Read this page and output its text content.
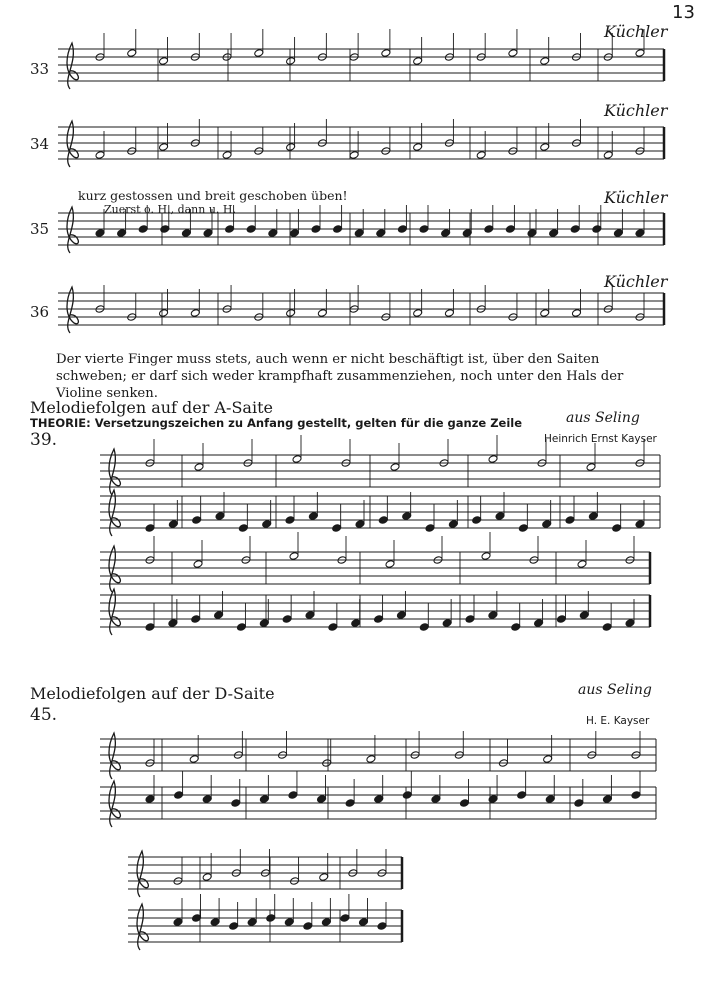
13
33
Küchler
34
Küchler
kurz gestossen und breit geschoben üben!
Zuerst o. H., dann u. H.
35
Küchler
36
Küchler
Der vierte Finger muss stets, auch wenn er nicht beschäftigt ist, über den Saiten schweben; er darf sich weder krampfhaft zusammenziehen, noch unter den Hals der Violine senken.
Melodiefolgen auf der A-Saite
THEORIE: Versetzungszeichen zu Anfang gestellt, gelten für die ganze Zeile	aus Seling
Heinrich Ernst Kayser
39.
Melodiefolgen auf der D-Saite	aus Seling
45.	H. E. Kayser
